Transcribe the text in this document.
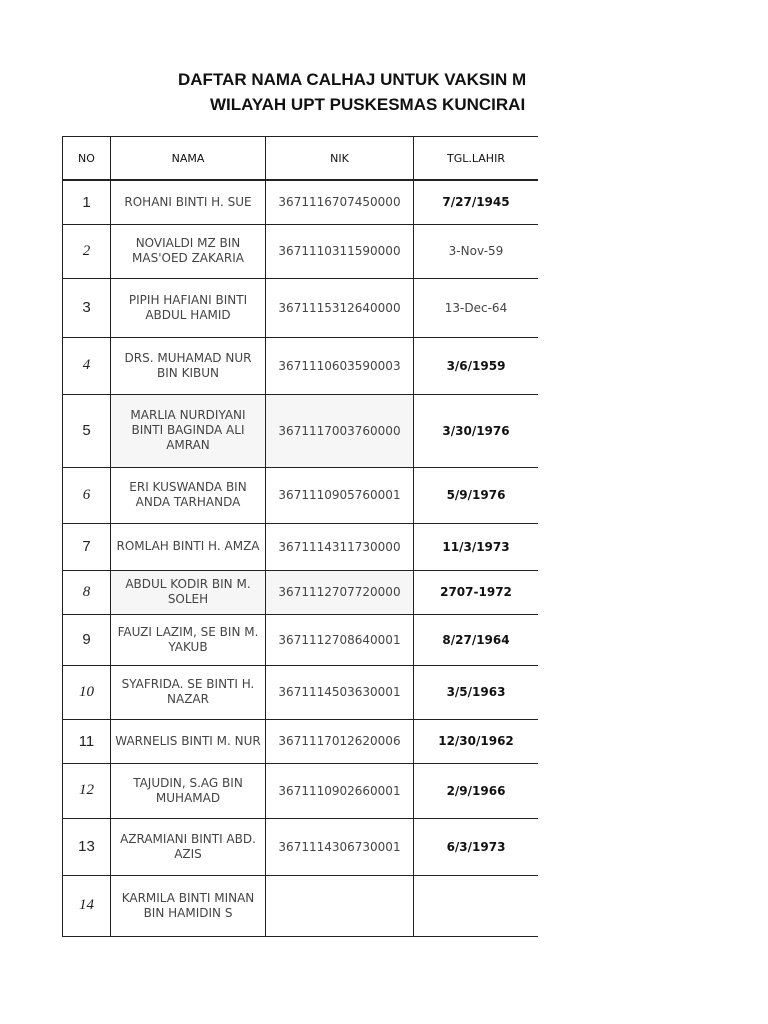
DAFTAR NAMA CALHAJ UNTUK VAKSIN M
WILAYAH UPT PUSKESMAS KUNCIRAI
NO	NAMA	NIK	TGL.LAHIR
1	ROHANI BINTI H. SUE	3671116707450000	7/27/1945
2	NOVIALDI MZ BIN MAS'OED ZAKARIA	3671110311590000	3-Nov-59
3	PIPIH HAFIANI BINTI ABDUL HAMID	3671115312640000	13-Dec-64
4	DRS. MUHAMAD NUR BIN KIBUN	3671110603590003	3/6/1959
5	MARLIA NURDIYANI BINTI BAGINDA ALI AMRAN	3671117003760000	3/30/1976
6	ERI KUSWANDA BIN ANDA TARHANDA	3671110905760001	5/9/1976
7	ROMLAH BINTI H. AMZA	3671114311730000	11/3/1973
8	ABDUL KODIR BIN M. SOLEH	3671112707720000	2707-1972
9	FAUZI LAZIM, SE BIN M. YAKUB	3671112708640001	8/27/1964
10	SYAFRIDA. SE BINTI H. NAZAR	3671114503630001	3/5/1963
11	WARNELIS BINTI M. NUR	3671117012620006	12/30/1962
12	TAJUDIN, S.AG BIN MUHAMAD	3671110902660001	2/9/1966
13	AZRAMIANI BINTI ABD. AZIS	3671114306730001	6/3/1973
14	KARMILA BINTI MINAN BIN HAMIDIN S		
